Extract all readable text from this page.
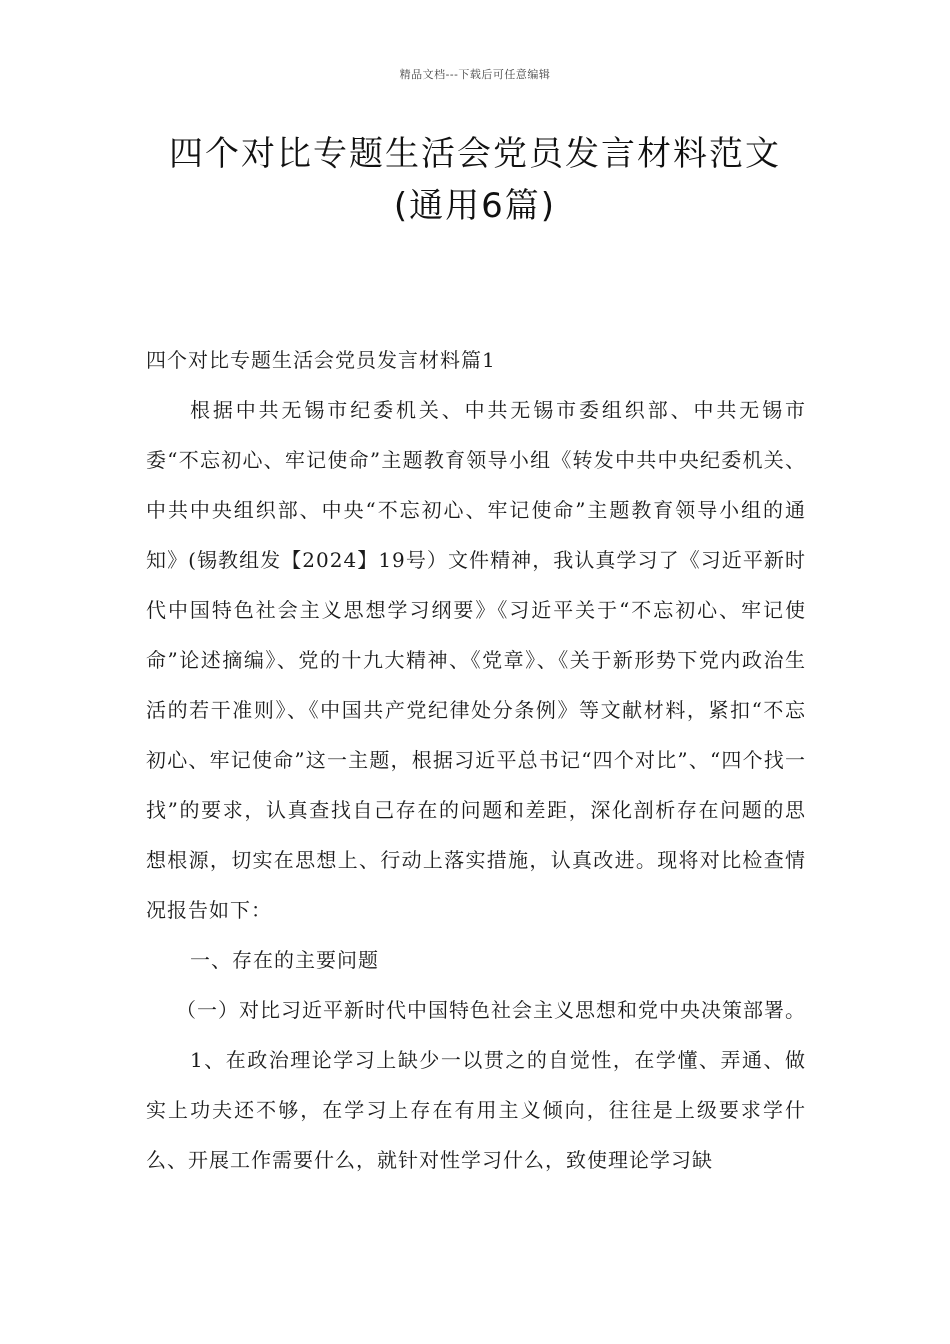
精品文档---下载后可任意编辑
四个对比专题生活会党员发言材料范文
(通用6篇)

四个对比专题生活会党员发言材料篇1

根据中共无锡市纪委机关、中共无锡市委组织部、中共无锡市委“不忘初心、牢记使命”主题教育领导小组《转发中共中央纪委机关、中共中央组织部、中央“不忘初心、牢记使命”主题教育领导小组的通知》(锡教组发【2024】19号）文件精神，我认真学习了《习近平新时代中国特色社会主义思想学习纲要》《习近平关于“不忘初心、牢记使命”论述摘编》、党的十九大精神、《党章》、《关于新形势下党内政治生活的若干准则》、《中国共产党纪律处分条例》等文献材料，紧扣“不忘初心、牢记使命”这一主题，根据习近平总书记“四个对比”、“四个找一找”的要求，认真查找自己存在的问题和差距，深化剖析存在问题的思想根源，切实在思想上、行动上落实措施，认真改进。现将对比检查情况报告如下：

一、存在的主要问题

（一）对比习近平新时代中国特色社会主义思想和党中央决策部署。

1、在政治理论学习上缺少一以贯之的自觉性，在学懂、弄通、做实上功夫还不够，在学习上存在有用主义倾向，往往是上级要求学什么、开展工作需要什么，就针对性学习什么，致使理论学习缺
